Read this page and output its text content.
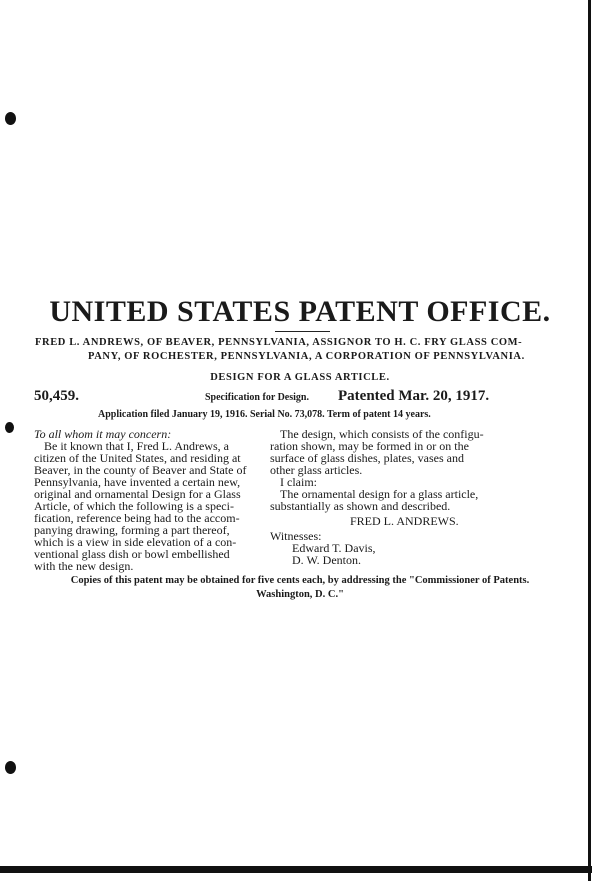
UNITED STATES PATENT OFFICE.
FRED L. ANDREWS, OF BEAVER, PENNSYLVANIA, ASSIGNOR TO H. C. FRY GLASS COM-
PANY, OF ROCHESTER, PENNSYLVANIA, A CORPORATION OF PENNSYLVANIA.
DESIGN FOR A GLASS ARTICLE.
50,459.	Specification for Design. Patented Mar. 20, 1917.
Application filed January 19, 1916. Serial No. 73,078. Term of patent 14 years.
To all whom it may concern:
Be it known that I, Fred L. Andrews, a
citizen of the United States, and residing at
Beaver, in the county of Beaver and State of
Pennsylvania, have invented a certain new,
original and ornamental Design for a Glass
Article, of which the following is a speci-
fication, reference being had to the accom-
panying drawing, forming a part thereof,
which is a view in side elevation of a con-
ventional glass dish or bowl embellished
with the new design.
The design, which consists of the configu-
ration shown, may be formed in or on the
surface of glass dishes, plates, vases and
other glass articles.
I claim:
The ornamental design for a glass article,
substantially as shown and described.
FRED L. ANDREWS.
Witnesses:
Edward T. Davis,
D. W. Denton.
Copies of this patent may be obtained for five cents each, by addressing the "Commissioner of Patents.
Washington, D. C."
